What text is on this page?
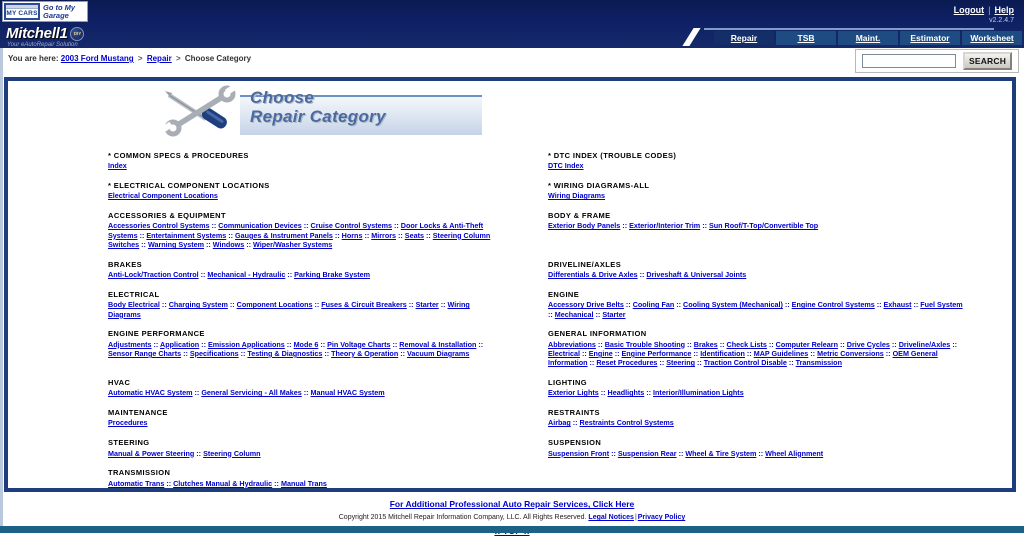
MY CARS
Go to My Garage	Logout | Help
v2.2.4.7
Mitchell1	DIY
Your eAutoRepair Solution
Repair	TSB	Maint.	Estimator	Worksheet
You are here: 2003 Ford Mustang > Repair > Choose Category	SEARCH
Choose
Repair Category
* COMMON SPECS & PROCEDURES
Index
* DTC INDEX (TROUBLE CODES)
DTC Index
* ELECTRICAL COMPONENT LOCATIONS
Electrical Component Locations
* WIRING DIAGRAMS-ALL
Wiring Diagrams
ACCESSORIES & EQUIPMENT
Accessories Control Systems :: Communication Devices :: Cruise Control Systems :: Door Locks & Anti-Theft Systems :: Entertainment Systems :: Gauges & Instrument Panels :: Horns :: Mirrors :: Seats :: Steering Column Switches :: Warning System :: Windows :: Wiper/Washer Systems
BODY & FRAME
Exterior Body Panels :: Exterior/Interior Trim :: Sun Roof/T-Top/Convertible Top
BRAKES
Anti-Lock/Traction Control :: Mechanical - Hydraulic :: Parking Brake System
DRIVELINE/AXLES
Differentials & Drive Axles :: Driveshaft & Universal Joints
ELECTRICAL
Body Electrical :: Charging System :: Component Locations :: Fuses & Circuit Breakers :: Starter :: Wiring Diagrams
ENGINE
Accessory Drive Belts :: Cooling Fan :: Cooling System (Mechanical) :: Engine Control Systems :: Exhaust :: Fuel System :: Mechanical :: Starter
ENGINE PERFORMANCE
Adjustments :: Application :: Emission Applications :: Mode 6 :: Pin Voltage Charts :: Removal & Installation :: Sensor Range Charts :: Specifications :: Testing & Diagnostics :: Theory & Operation :: Vacuum Diagrams
GENERAL INFORMATION
Abbreviations :: Basic Trouble Shooting :: Brakes :: Check Lists :: Computer Relearn :: Drive Cycles :: Driveline/Axles :: Electrical :: Engine :: Engine Performance :: Identification :: MAP Guidelines :: Metric Conversions :: OEM General Information :: Reset Procedures :: Steering :: Traction Control Disable :: Transmission
HVAC
Automatic HVAC System :: General Servicing - All Makes :: Manual HVAC System
LIGHTING
Exterior Lights :: Headlights :: Interior/Illumination Lights
MAINTENANCE
Procedures
RESTRAINTS
Airbag :: Restraints Control Systems
STEERING
Manual & Power Steering :: Steering Column
SUSPENSION
Suspension Front :: Suspension Rear :: Wheel & Tire System :: Wheel Alignment
TRANSMISSION
Automatic Trans :: Clutches Manual & Hydraulic :: Manual Trans
For Additional Professional Auto Repair Services, Click Here
Copyright 2015 Mitchell Repair Information Company, LLC. All Rights Reserved. Legal Notices|Privacy Policy
